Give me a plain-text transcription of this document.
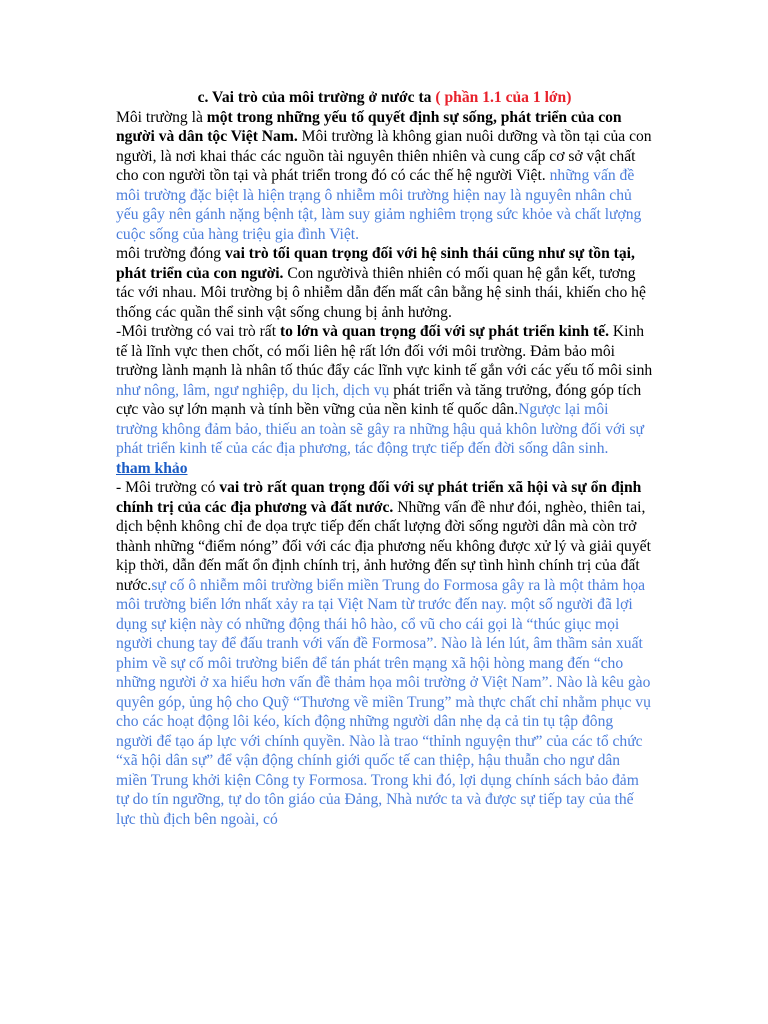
c. Vai trò của môi trường ở nước ta ( phần 1.1 của 1 lớn)

Môi trường là một trong những yếu tố quyết định sự sống, phát triển của con người và dân tộc Việt Nam. Môi trường là không gian nuôi dưỡng và tồn tại của con người, là nơi khai thác các nguồn tài nguyên thiên nhiên và cung cấp cơ sở vật chất cho con người tồn tại và phát triển trong đó có các thế hệ người Việt. những vấn đề môi trường đặc biệt là hiện trạng ô nhiễm môi trường hiện nay là nguyên nhân chủ yếu gây nên gánh nặng bệnh tật, làm suy giảm nghiêm trọng sức khỏe và chất lượng cuộc sống của hàng triệu gia đình Việt.

môi trường đóng vai trò tối quan trọng đối với hệ sinh thái cũng như sự tồn tại, phát triển của con người. Con ngườivà thiên nhiên có mối quan hệ gắn kết, tương tác với nhau. Môi trường bị ô nhiễm dẫn đến mất cân bằng hệ sinh thái, khiến cho hệ thống các quần thể sinh vật sống chung bị ảnh hưởng.

-Môi trường có vai trò rất to lớn và quan trọng đối với sự phát triển kinh tế. Kinh tế là lĩnh vực then chốt, có mối liên hệ rất lớn đối với môi trường. Đảm bảo môi trường lành mạnh là nhân tố thúc đẩy các lĩnh vực kinh tế gắn với các yếu tố môi sinh như nông, lâm, ngư nghiệp, du lịch, dịch vụ phát triển và tăng trưởng, đóng góp tích cực vào sự lớn mạnh và tính bền vững của nền kinh tế quốc dân.Ngược lại môi trường không đảm bảo, thiếu an toàn sẽ gây ra những hậu quả khôn lường đối với sự phát triển kinh tế của các địa phương, tác động trực tiếp đến đời sống dân sinh.

tham khảo

- Môi trường có vai trò rất quan trọng đối với sự phát triển xã hội và sự ổn định chính trị của các địa phương và đất nước. Những vấn đề như đói, nghèo, thiên tai, dịch bệnh không chỉ đe dọa trực tiếp đến chất lượng đời sống người dân mà còn trở thành những “điểm nóng” đối với các địa phương nếu không được xử lý và giải quyết kịp thời, dẫn đến mất ổn định chính trị, ảnh hưởng đến sự tình hình chính trị của đất nước.sự cố ô nhiễm môi trường biển miền Trung do Formosa gây ra là một thảm họa môi trường biển lớn nhất xảy ra tại Việt Nam từ trước đến nay. một số người đã lợi dụng sự kiện này có những động thái hô hào, cổ vũ cho cái gọi là “thúc giục mọi người chung tay để đấu tranh với vấn đề Formosa”. Nào là lén lút, âm thầm sản xuất phim về sự cố môi trường biển để tán phát trên mạng xã hội hòng mang đến “cho những người ở xa hiểu hơn vấn đề thảm họa môi trường ở Việt Nam”. Nào là kêu gào quyên góp, ủng hộ cho Quỹ “Thương về miền Trung” mà thực chất chỉ nhằm phục vụ cho các hoạt động lôi kéo, kích động những người dân nhẹ dạ cả tin tụ tập đông người để tạo áp lực với chính quyền. Nào là trao “thỉnh nguyện thư” của các tổ chức “xã hội dân sự” để vận động chính giới quốc tế can thiệp, hậu thuẫn cho ngư dân miền Trung khởi kiện Công ty Formosa. Trong khi đó, lợi dụng chính sách bảo đảm tự do tín ngưỡng, tự do tôn giáo của Đảng, Nhà nước ta và được sự tiếp tay của thế lực thù địch bên ngoài, có
